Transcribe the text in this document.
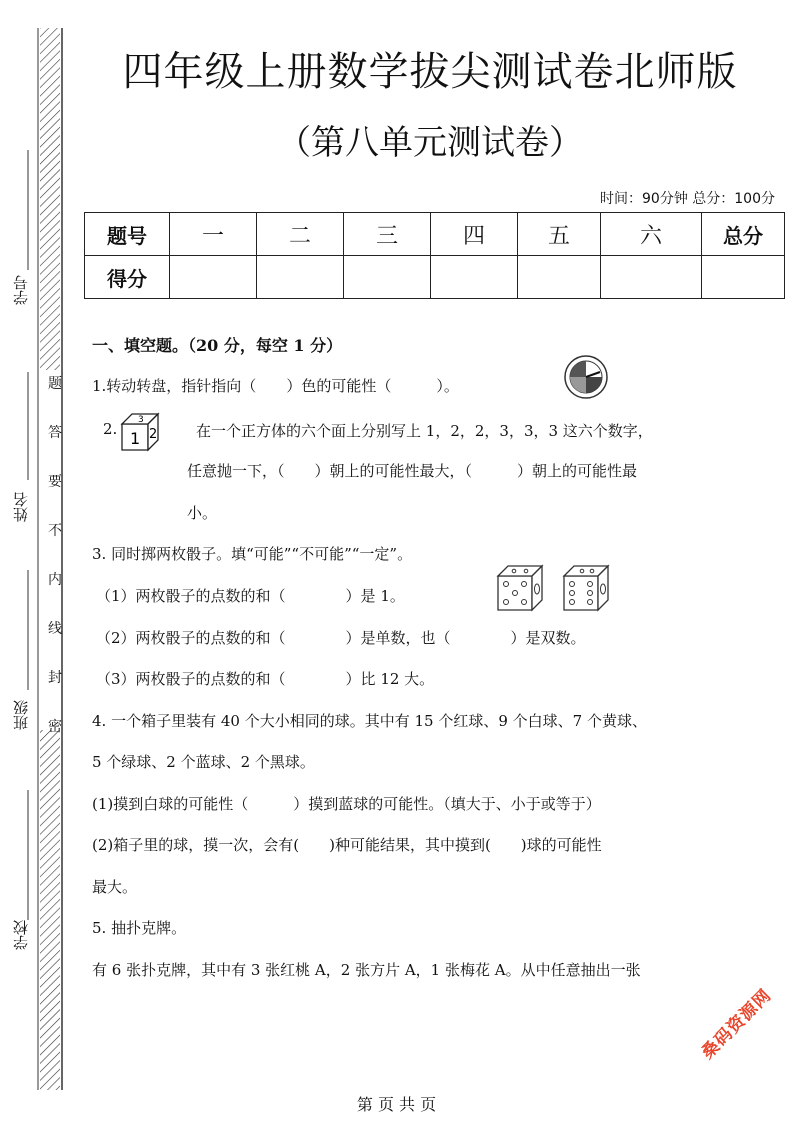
学号
姓名
班级
学校
题
答
要
不
内
线
封
密
四年级上册数学拔尖测试卷北师版
（第八单元测试卷）
时间：90分钟 总分：100分
题号	一	二	三	四	五	六	总分
得分							
一、填空题。（20 分，每空 1 分）
1.转动转盘，指针指向（　　）色的可能性（　　　）。
2. 3
1 2	在一个正方体的六个面上分别写上 1，2，2，3，3，3 这六个数字，
任意抛一下，（　　）朝上的可能性最大，（　　　）朝上的可能性最
小。
3. 同时掷两枚骰子。填“可能”“不可能”“一定”。
（1）两枚骰子的点数的和（　　　　）是 1。
（2）两枚骰子的点数的和（　　　　）是单数，也（　　　　）是双数。
（3）两枚骰子的点数的和（　　　　）比 12 大。
4. 一个箱子里装有 40 个大小相同的球。其中有 15 个红球、9 个白球、7 个黄球、
5 个绿球、2 个蓝球、2 个黑球。
(1)摸到白球的可能性（　　　）摸到蓝球的可能性。（填大于、小于或等于）
(2)箱子里的球，摸一次，会有(　　)种可能结果，其中摸到(　　)球的可能性
最大。
5. 抽扑克牌。
有 6 张扑克牌，其中有 3 张红桃 A，2 张方片 A，1 张梅花 A。从中任意抽出一张
桑码资源网
第 页 共 页
